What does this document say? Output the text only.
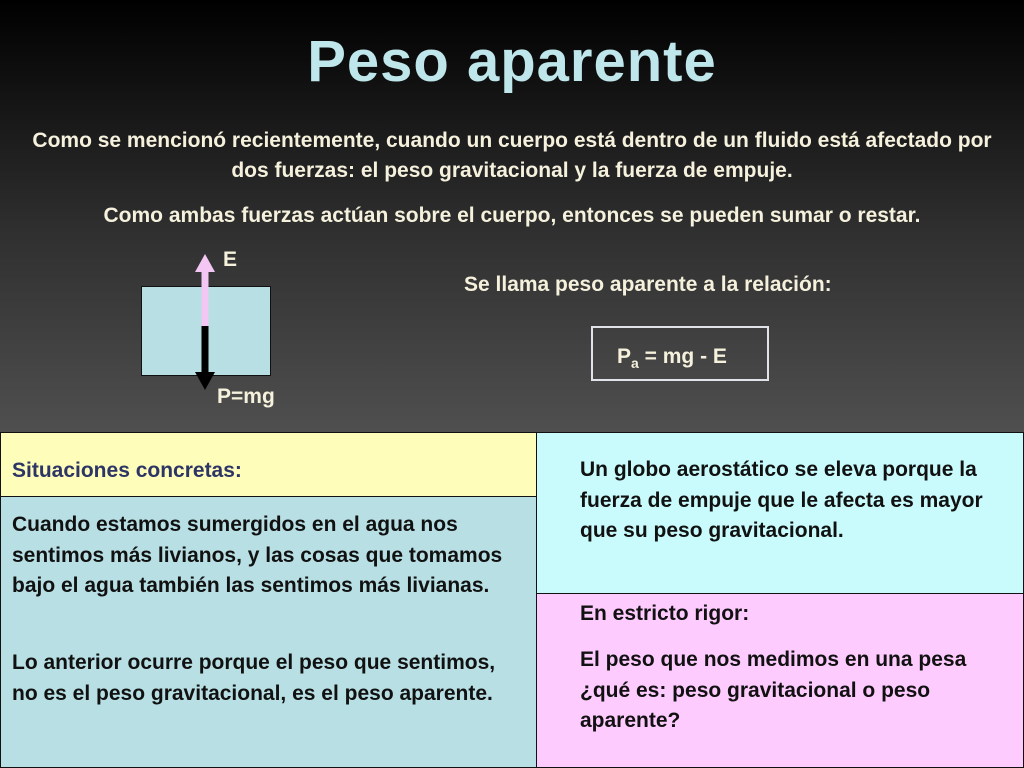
Peso aparente
Como se mencionó recientemente, cuando un cuerpo está dentro de un fluido está afectado por dos fuerzas: el peso gravitacional y la fuerza de empuje.
Como ambas fuerzas actúan sobre el cuerpo, entonces se pueden sumar o restar.
E
P=mg
Se llama peso aparente a la relación:
$P_a$ = mg - E
Situaciones concretas:
Cuando estamos sumergidos en el agua nos sentimos más livianos, y las cosas que tomamos bajo el agua también las sentimos más livianas.
Lo anterior ocurre porque el peso que sentimos, no es el peso gravitacional, es el peso aparente.
Un globo aerostático se eleva porque la fuerza de empuje que le afecta es mayor que su peso gravitacional.
En estricto rigor:
El peso que nos medimos en una pesa ¿qué es: peso gravitacional o peso aparente?
